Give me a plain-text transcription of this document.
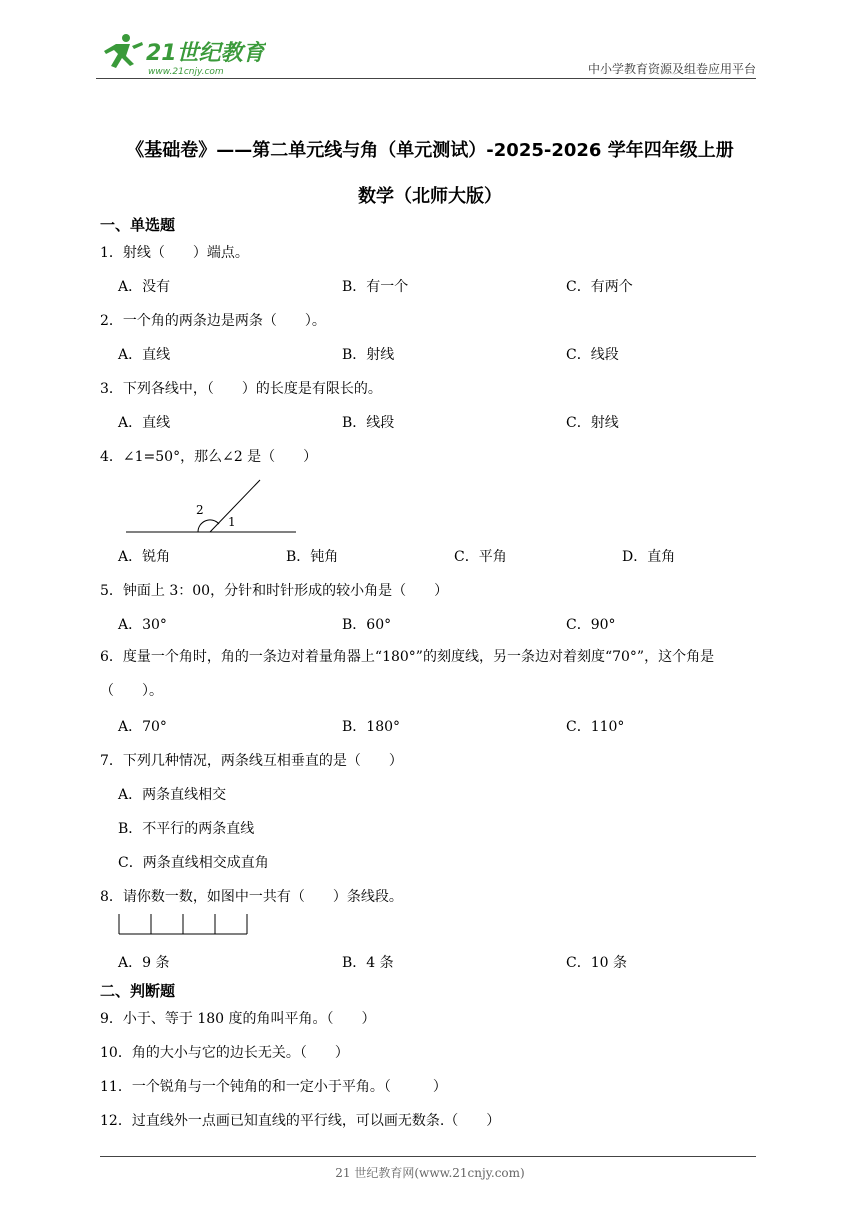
21世纪教育
www.21cnjy.com	中小学教育资源及组卷应用平台
《基础卷》——第二单元线与角（单元测试）-2025-2026 学年四年级上册
数学（北师大版）
一、单选题
1．射线（　　）端点。
A．没有	B．有一个	C．有两个
2．一个角的两条边是两条（　　）。
A．直线	B．射线	C．线段
3．下列各线中，（　　）的长度是有限长的。
A．直线	B．线段	C．射线
4．∠1=50°，那么∠2 是（　　）
2
1
A．锐角	B．钝角	C．平角	D．直角
5．钟面上 3：00，分针和时针形成的较小角是（　　）
A．30°	B．60°	C．90°
6．度量一个角时，角的一条边对着量角器上“180°”的刻度线，另一条边对着刻度“70°”，这个角是（　　）。
A．70°	B．180°	C．110°
7．下列几种情况，两条线互相垂直的是（　　）
A．两条直线相交
B．不平行的两条直线
C．两条直线相交成直角
8．请你数一数，如图中一共有（　　）条线段。
A．9 条	B．4 条	C．10 条
二、判断题
9．小于、等于 180 度的角叫平角。（　　）
10．角的大小与它的边长无关。（　　）
11．一个锐角与一个钝角的和一定小于平角。（　　　）
12．过直线外一点画已知直线的平行线，可以画无数条.（　　）
21 世纪教育网(www.21cnjy.com)
